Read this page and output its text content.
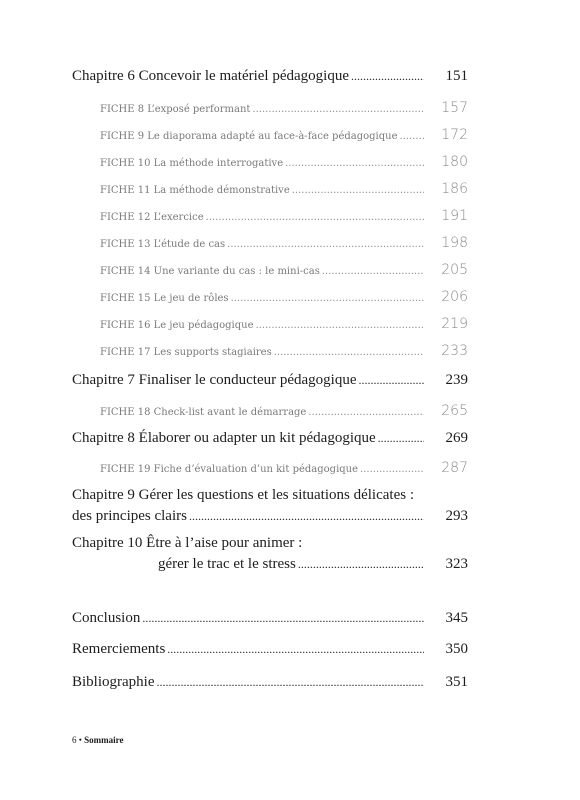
Chapitre 6 Concevoir le matériel pédagogique .....	151
FICHE 8 L’exposé performant .....	157
FICHE 9 Le diaporama adapté au face-à-face pédagogique .....	172
FICHE 10 La méthode interrogative .....	180
FICHE 11 La méthode démonstrative .....	186
FICHE 12 L’exercice .....	191
FICHE 13 L’étude de cas .....	198
FICHE 14 Une variante du cas : le mini-cas .....	205
FICHE 15 Le jeu de rôles .....	206
FICHE 16 Le jeu pédagogique .....	219
FICHE 17 Les supports stagiaires .....	233
Chapitre 7 Finaliser le conducteur pédagogique .....	239
FICHE 18 Check-list avant le démarrage .....	265
Chapitre 8 Élaborer ou adapter un kit pédagogique .....	269
FICHE 19 Fiche d’évaluation d’un kit pédagogique .....	287
Chapitre 9 Gérer les questions et les situations délicates :
des principes clairs .....	293
Chapitre 10 Être à l’aise pour animer :
gérer le trac et le stress .....	323
Conclusion .....	345
Remerciements .....	350
Bibliographie .....	351
6 • Sommaire
